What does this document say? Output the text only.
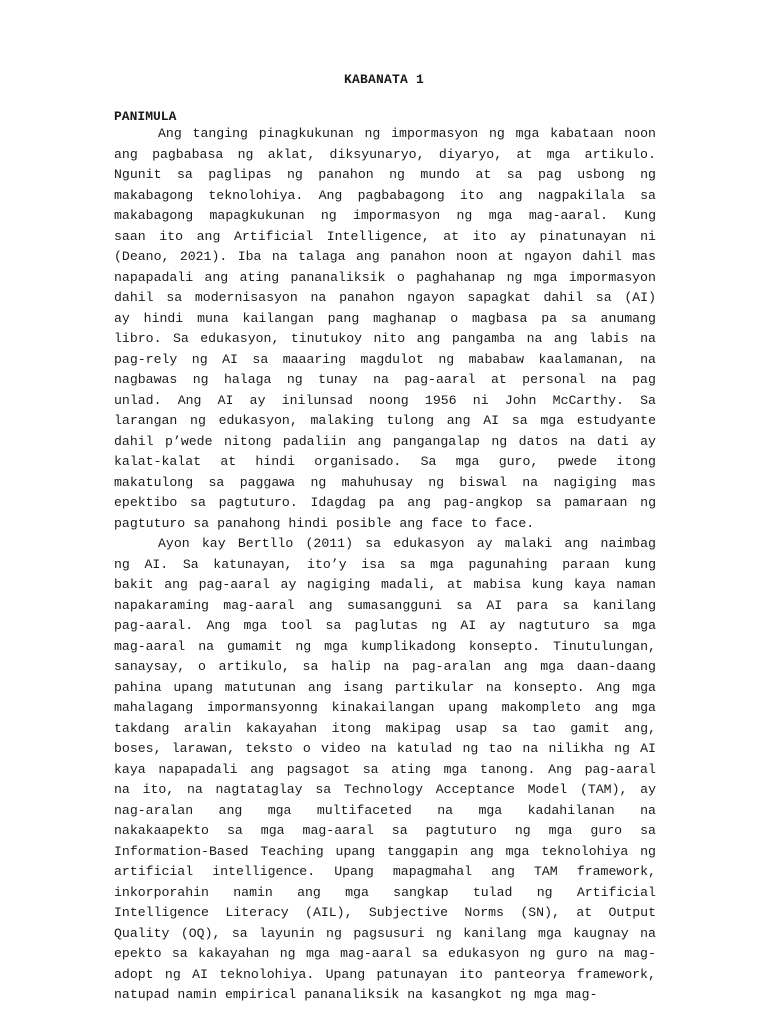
KABANATA 1
PANIMULA
Ang tanging pinagkukunan ng impormasyon ng mga kabataan noon
ang pagbabasa ng aklat, diksyunaryo, diyaryo, at mga artikulo.
Ngunit sa paglipas ng panahon ng mundo at sa pag usbong ng
makabagong teknolohiya. Ang pagbabagong ito ang nagpakilala sa
makabagong mapagkukunan ng impormasyon ng mga mag-aaral. Kung
saan ito ang Artificial Intelligence, at ito ay pinatunayan ni
(Deano, 2021). Iba na talaga ang panahon noon at ngayon dahil mas
napapadali ang ating pananaliksik o paghahanap ng mga impormasyon
dahil sa modernisasyon na panahon ngayon sapagkat dahil sa (AI)
ay hindi muna kailangan pang maghanap o magbasa pa sa anumang
libro. Sa edukasyon, tinutukoy nito ang pangamba na ang labis na
pag-rely ng AI sa maaaring magdulot ng mababaw kaalamanan, na
nagbawas ng halaga ng tunay na pag-aaral at personal na pag
unlad. Ang AI ay inilunsad noong 1956 ni John McCarthy. Sa
larangan ng edukasyon, malaking tulong ang AI sa mga estudyante
dahil p’wede nitong padaliin ang pangangalap ng datos na dati ay
kalat-kalat at hindi organisado. Sa mga guro, pwede itong
makatulong sa paggawa ng mahuhusay ng biswal na nagiging mas
epektibo sa pagtuturo. Idagdag pa ang pag-angkop sa pamaraan ng
pagtuturo sa panahong hindi posible ang face to face.
Ayon kay Bertllo (2011) sa edukasyon ay malaki ang naimbag
ng AI. Sa katunayan, ito’y isa sa mga pagunahing paraan kung
bakit ang pag-aaral ay nagiging madali, at mabisa kung kaya naman
napakaraming mag-aaral ang sumasangguni sa AI para sa kanilang
pag-aaral. Ang mga tool sa paglutas ng AI ay nagtuturo sa mga
mag-aaral na gumamit ng mga kumplikadong konsepto. Tinutulungan,
sanaysay, o artikulo, sa halip na pag-aralan ang mga daan-daang
pahina upang matutunan ang isang partikular na konsepto. Ang mga
mahalagang impormansyonng kinakailangan upang makompleto ang mga
takdang aralin kakayahan itong makipag usap sa tao gamit ang,
boses, larawan, teksto o video na katulad ng tao na nilikha ng AI
kaya napapadali ang pagsagot sa ating mga tanong. Ang pag-aaral
na ito, na nagtataglay sa Technology Acceptance Model (TAM), ay
nag-aralan ang mga multifaceted na mga kadahilanan na
nakakaapekto sa mga mag-aaral sa pagtuturo ng mga guro sa
Information-Based Teaching upang tanggapin ang mga teknolohiya ng
artificial intelligence. Upang mapagmahal ang TAM framework,
inkorporahin namin ang mga sangkap tulad ng Artificial
Intelligence Literacy (AIL), Subjective Norms (SN), at Output
Quality (OQ), sa layunin ng pagsusuri ng kanilang mga kaugnay na
epekto sa kakayahan ng mga mag-aaral sa edukasyon ng guro na mag-
adopt ng AI teknolohiya. Upang patunayan ito panteorya framework,
natupad namin empirical pananaliksik na kasangkot ng mga mag-
